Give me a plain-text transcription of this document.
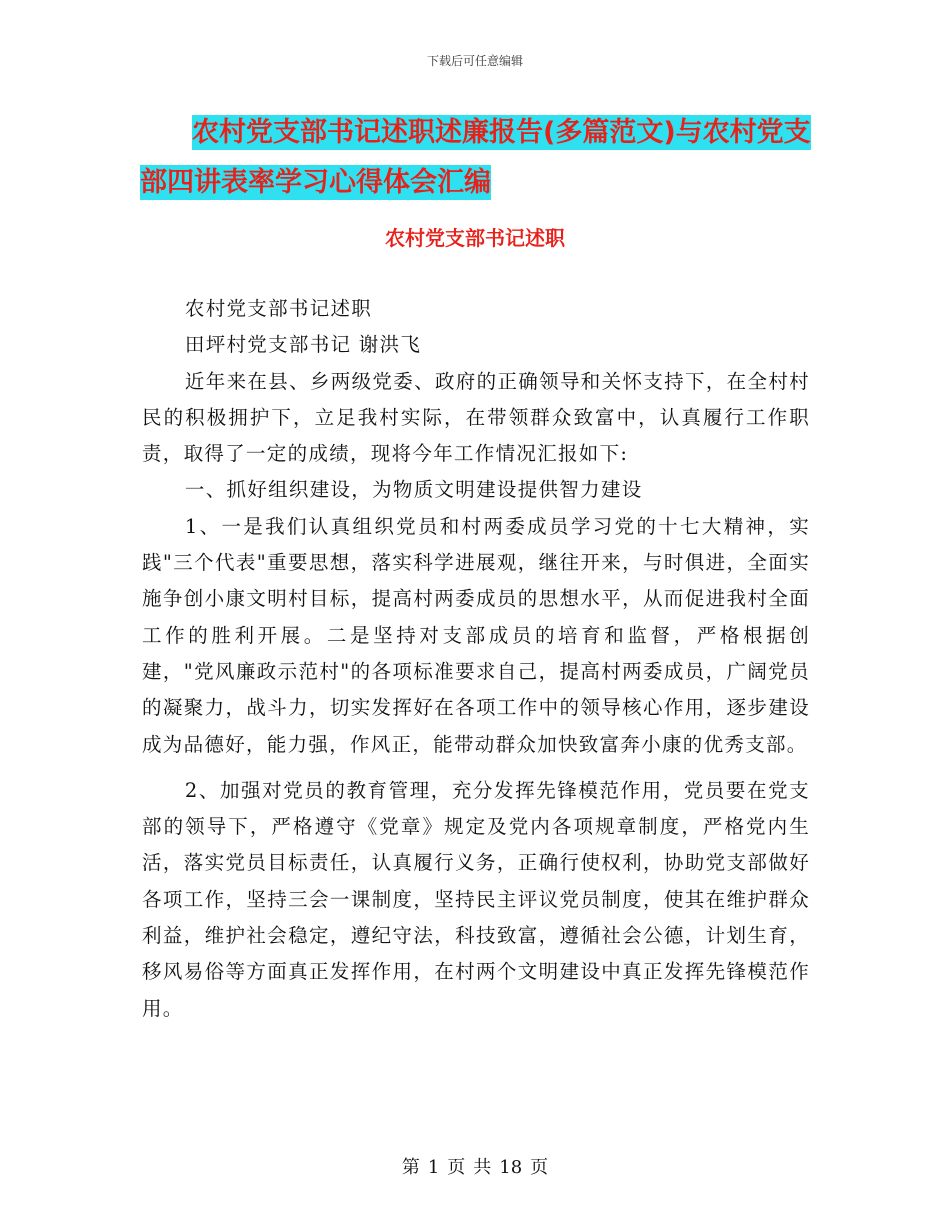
下载后可任意编辑
农村党支部书记述职述廉报告(多篇范文)与农村党支
部四讲表率学习心得体会汇编
农村党支部书记述职

农村党支部书记述职

田坪村党支部书记 谢洪飞

近年来在县、乡两级党委、政府的正确领导和关怀支持下，在全村村民的积极拥护下，立足我村实际，在带领群众致富中，认真履行工作职责，取得了一定的成绩，现将今年工作情况汇报如下:

一、抓好组织建设，为物质文明建设提供智力建设

1、一是我们认真组织党员和村两委成员学习党的十七大精神，实践"三个代表"重要思想，落实科学进展观，继往开来，与时俱进，全面实施争创小康文明村目标，提高村两委成员的思想水平，从而促进我村全面工作的胜利开展。二是坚持对支部成员的培育和监督，严格根据创建，"党风廉政示范村"的各项标准要求自己，提高村两委成员，广阔党员的凝聚力，战斗力，切实发挥好在各项工作中的领导核心作用，逐步建设成为品德好，能力强，作风正，能带动群众加快致富奔小康的优秀支部。

2、加强对党员的教育管理，充分发挥先锋模范作用，党员要在党支部的领导下，严格遵守《党章》规定及党内各项规章制度，严格党内生活，落实党员目标责任，认真履行义务，正确行使权利，协助党支部做好各项工作，坚持三会一课制度，坚持民主评议党员制度，使其在维护群众利益，维护社会稳定，遵纪守法，科技致富，遵循社会公德，计划生育，移风易俗等方面真正发挥作用，在村两个文明建设中真正发挥先锋模范作用。

第 1 页 共 18 页
